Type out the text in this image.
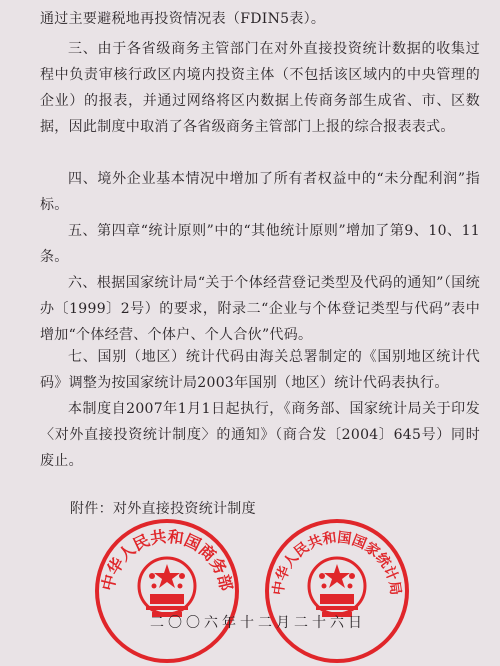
通过主要避税地再投资情况表（FDIN5表）。

三、由于各省级商务主管部门在对外直接投资统计数据的收集过程中负责审核行政区内境内投资主体（不包括该区域内的中央管理的企业）的报表，并通过网络将区内数据上传商务部生成省、市、区数据，因此制度中取消了各省级商务主管部门上报的综合报表表式。

四、境外企业基本情况中增加了所有者权益中的“未分配利润”指标。

五、第四章“统计原则”中的“其他统计原则”增加了第9、10、11条。

六、根据国家统计局“关于个体经营登记类型及代码的通知”（国统办〔1999〕2号）的要求，附录二“企业与个体登记类型与代码”表中增加“个体经营、个体户、个人合伙”代码。

七、国别（地区）统计代码由海关总署制定的《国别地区统计代码》调整为按国家统计局2003年国别（地区）统计代码表执行。

本制度自2007年1月1日起执行，《商务部、国家统计局关于印发〈对外直接投资统计制度〉的通知》（商合发〔2004〕645号）同时废止。

附件：对外直接投资统计制度

中华人民共和国商务部 中华人民共和国国家统计局
二〇〇六年十二月二十六日
